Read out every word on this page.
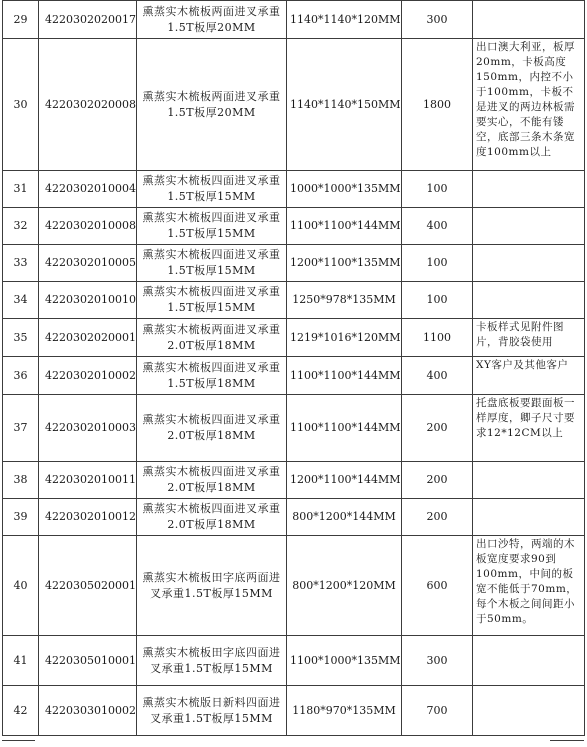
29	4220302020017	熏蒸实木梳板两面进叉承重1.5T板厚20MM	1140*1140*120MM	300	
30	4220302020008	熏蒸实木梳板两面进叉承重1.5T板厚20MM	1140*1140*150MM	1800	出口澳大利亚，板厚20mm，卡板高度150mm，内控不小于100mm，卡板不是进叉的两边林板需要实心，不能有镂空，底部三条木条宽度100mm以上
31	4220302010004	熏蒸实木梳板四面进叉承重1.5T板厚15MM	1000*1000*135MM	100	
32	4220302010008	熏蒸实木梳板四面进叉承重1.5T板厚15MM	1100*1100*144MM	400	
33	4220302010005	熏蒸实木梳板四面进叉承重1.5T板厚15MM	1200*1100*135MM	100	
34	4220302010010	熏蒸实木梳板四面进叉承重1.5T板厚15MM	1250*978*135MM	100	
35	4220302020001	熏蒸实木梳板两面进叉承重2.0T板厚18MM	1219*1016*120MM	1100	卡板样式见附件图片，背胶袋使用
36	4220302010002	熏蒸实木梳板四面进叉承重1.5T板厚18MM	1100*1100*144MM	400	XY客户及其他客户
37	4220302010003	熏蒸实木梳板四面进叉承重2.0T板厚18MM	1100*1100*144MM	200	托盘底板要跟面板一样厚度，卿子尺寸要求12*12CM以上
38	4220302010011	熏蒸实木梳板四面进叉承重2.0T板厚18MM	1200*1100*144MM	200	
39	4220302010012	熏蒸实木梳板四面进叉承重2.0T板厚18MM	800*1200*144MM	200	
40	4220305020001	熏蒸实木梳板田字底两面进叉承重1.5T板厚15MM	800*1200*120MM	600	出口沙特，两端的木板宽度要求90到100mm，中间的板宽不能低于70mm，每个木板之间间距小于50mm。
41	4220305010001	熏蒸实木梳板田字底四面进叉承重1.5T板厚15MM	1100*1000*135MM	300	
42	4220303010002	熏蒸实木梳版日新料四面进叉承重1.5T板厚15MM	1180*970*135MM	700	
